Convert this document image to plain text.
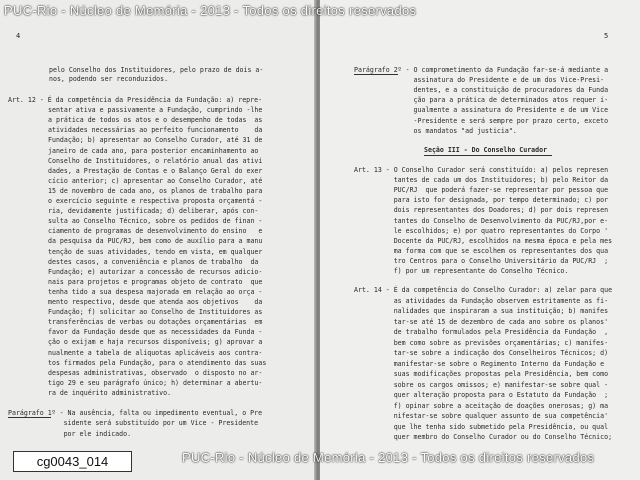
4
pelo Conselho dos Instituidores, pelo prazo de dois a-
nos, podendo ser reconduzidos.
Art. 12 - É da competência da Presidência da Fundação: a) repre-
sentar ativa e passivamente a Fundação, cumprindo -lhe
a prática de todos os atos e o desempenho de todas  as
atividades necessárias ao perfeito funcionamento    da
Fundação; b) apresentar ao Conselho Curador, até 31 de
janeiro de cada ano, para posterior encaminhamento ao
Conselho de Instituidores, o relatório anual das ativi
dades, a Prestação de Contas e o Balanço Geral do exer
cício anterior; c) apresentar ao Conselho Curador, até
15 de novembro de cada ano, os planos de trabalho para
o exercício seguinte e respectiva proposta orçamentá -
ria, devidamente justificada; d) deliberar, após con-
sulta ao Conselho Técnico, sobre os pedidos de finan -
ciamento de programas de desenvolvimento do ensino   e
da pesquisa da PUC/RJ, bem como de auxílio para a manu
tenção de suas atividades, tendo em vista, em qualquer
destes casos, a conveniência e planos de trabalho  da
Fundação; e) autorizar a concessão de recursos adicio-
nais para projetos e programas objeto de contrato  que
tenha tido a sua despesa majorada em relação ao orça -
mento respectivo, desde que atenda aos objetivos    da
Fundação; f) solicitar ao Conselho de Instituidores as
transferências de verbas ou dotações orçamentárias  em
favor da Fundação desde que as necessidades da Funda -
ção o exijam e haja recursos disponíveis; g) aprovar a
nualmente a tabela de alíquotas aplicáveis aos contra-
tos firmados pela Fundação, para o atendimento das suas
despesas administrativas, observado  o disposto no ar-
tigo 29 e seu parágrafo único; h) determinar a abertu-
ra de inquérito administrativo.
Parágrafo 1º - Na ausência, falta ou impedimento eventual, o Pre
sidente será substituído por um Vice - Presidente
por ele indicado.
5
Parágrafo 2º - O comprometimento da Fundação far-se-á mediante a
assinatura do Presidente e de um dos Vice-Presi-
dentes, e a constituição de procuradores da Funda
ção para a prática de determinados atos requer i-
gualmente a assinatura do Presidente e de um Vice
-Presidente e será sempre por prazo certo, exceto
os mandatos "ad justicia".
Art. 13 - O Conselho Curador será constituído: a) pelos represen
tantes de cada um dos Instituidores; b) pelo Reitor da
PUC/RJ  que poderá fazer-se representar por pessoa que
para isto for designada, por tempo determinado; c) por
dois representantes dos Doadores; d) por dois represen
tantes do Conselho de Desenvolvimento da PUC/RJ,por e-
le escolhidos; e) por quatro representantes do Corpo '
Docente da PUC/RJ, escolhidos na mesma época e pela mes
ma forma com que se escolhem os representantes dos qua
tro Centros para o Conselho Universitário da PUC/RJ  ;
f) por um representante do Conselho Técnico.
Art. 14 - É da competência do Conselho Curador: a) zelar para que
as atividades da Fundação observem estritamente as fi-
nalidades que inspiraram a sua instituição; b) manifes
tar-se até 15 de dezembro de cada ano sobre os planos'
de trabalho formulados pela Presidência da Fundação  ,
bem como sobre as previsões orçamentárias; c) manifes-
tar-se sobre a indicação dos Conselheiros Técnicos; d)
manifestar-se sobre o Regimento Interno da Fundação e
suas modificações propostas pela Presidência, bem como
sobre os cargos omissos; e) manifestar-se sobre qual -
quer alteração proposta para o Estatuto da Fundação  ;
f) opinar sobre a aceitação de doações onerosas; g) ma
nifestar-se sobre qualquer assunto de sua competência'
que lhe tenha sido submetido pela Presidência, ou qual
quer membro do Conselho Curador ou do Conselho Técnico;
Seção III - Do Conselho Curador
PUC-Rio - Núcleo de Memória - 2013 - Todos os direitos reservados
PUC-Rio - Núcleo de Memória - 2013 - Todos os direitos reservados
cg0043_014
